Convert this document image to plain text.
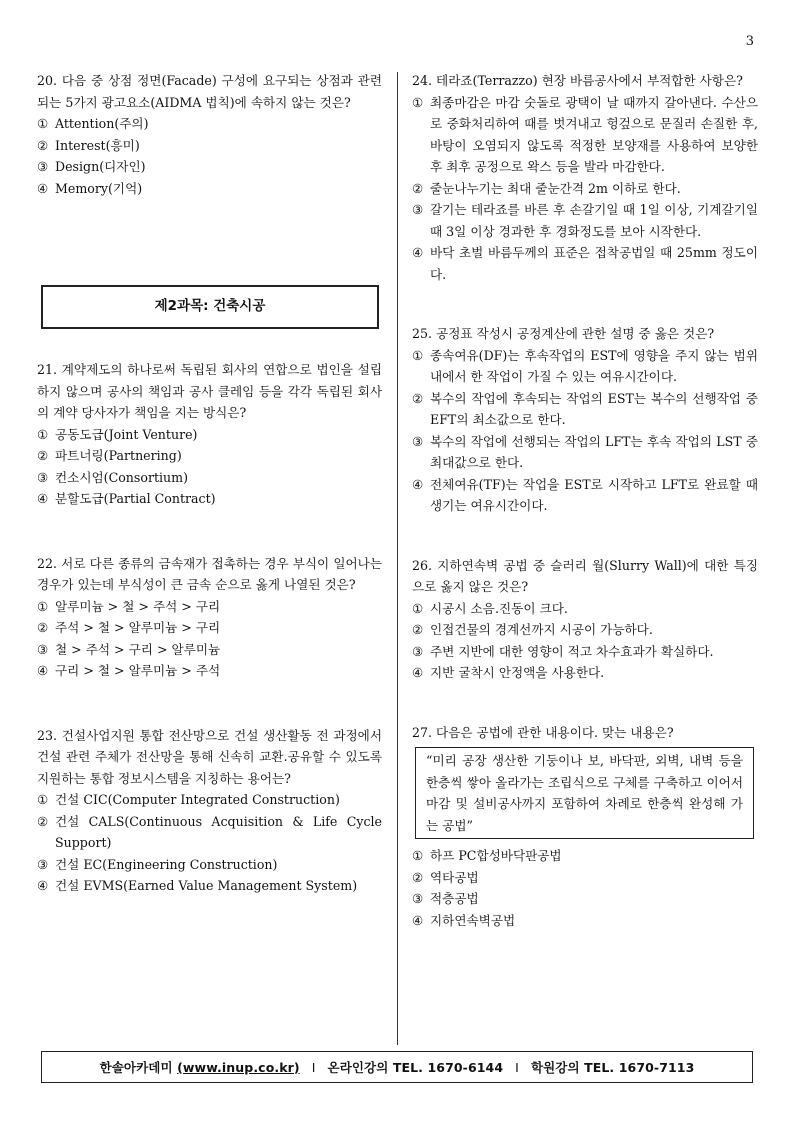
3

20. 다음 중 상점 정면(Facade) 구성에 요구되는 상점과 관련되는 5가지 광고요소(AIDMA 법칙)에 속하지 않는 것은?

① Attention(주의)

② Interest(흥미)

③ Design(디자인)

④ Memory(기억)

제2과목: 건축시공

21. 계약제도의 하나로써 독립된 회사의 연합으로 법인을 설립하지 않으며 공사의 책임과 공사 클레임 등을 각각 독립된 회사의 계약 당사자가 책임을 지는 방식은?

① 공동도급(Joint Venture)

② 파트너링(Partnering)

③ 컨소시엄(Consortium)

④ 분할도급(Partial Contract)

22. 서로 다른 종류의 금속재가 접촉하는 경우 부식이 일어나는 경우가 있는데 부식성이 큰 금속 순으로 옳게 나열된 것은?

① 알루미늄 > 철 > 주석 > 구리

② 주석 > 철 > 알루미늄 > 구리

③ 철 > 주석 > 구리 > 알루미늄

④ 구리 > 철 > 알루미늄 > 주석

23. 건설사업지원 통합 전산망으로 건설 생산활동 전 과정에서 건설 관련 주체가 전산망을 통해 신속히 교환․공유할 수 있도록 지원하는 통합 정보시스템을 지칭하는 용어는?

① 건설 CIC(Computer Integrated Construction)

② 건설 CALS(Continuous Acquisition & Life Cycle Support)

③ 건설 EC(Engineering Construction)

④ 건설 EVMS(Earned Value Management System)

24. 테라죠(Terrazzo) 현장 바름공사에서 부적합한 사항은?

① 최종마감은 마감 숫돌로 광택이 날 때까지 갈아낸다. 수산으로 중화처리하여 때를 벗겨내고 헝겊으로 문질러 손질한 후, 바탕이 오염되지 않도록 적정한 보양재를 사용하여 보양한 후 최후 공정으로 왁스 등을 발라 마감한다.

② 줄눈나누기는 최대 줄눈간격 2m 이하로 한다.

③ 갈기는 테라죠를 바른 후 손갈기일 때 1일 이상, 기계갈기일 때 3일 이상 경과한 후 경화정도를 보아 시작한다.

④ 바닥 초벌 바름두께의 표준은 접착공법일 때 25mm 정도이다.

25. 공정표 작성시 공정계산에 관한 설명 중 옳은 것은?

① 종속여유(DF)는 후속작업의 EST에 영향을 주지 않는 범위 내에서 한 작업이 가질 수 있는 여유시간이다.

② 복수의 작업에 후속되는 작업의 EST는 복수의 선행작업 중 EFT의 최소값으로 한다.

③ 복수의 작업에 선행되는 작업의 LFT는 후속 작업의 LST 중 최대값으로 한다.

④ 전체여유(TF)는 작업을 EST로 시작하고 LFT로 완료할 때 생기는 여유시간이다.

26. 지하연속벽 공법 중 슬러리 월(Slurry Wall)에 대한 특징으로 옳지 않은 것은?

① 시공시 소음․진동이 크다.

② 인접건물의 경계선까지 시공이 가능하다.

③ 주변 지반에 대한 영향이 적고 차수효과가 확실하다.

④ 지반 굴착시 안정액을 사용한다.

27. 다음은 공법에 관한 내용이다. 맞는 내용은?

“미리 공장 생산한 기둥이나 보, 바닥판, 외벽, 내벽 등을 한층씩 쌓아 올라가는 조립식으로 구체를 구축하고 이어서 마감 및 설비공사까지 포함하여 차례로 한층씩 완성해 가는 공법”

① 하프 PC합성바닥판공법

② 역타공법

③ 적층공법

④ 지하연속벽공법

한솔아카데미
(www.inup.co.kr) I 온라인강의 TEL. 1670-6144 I 학원강의 TEL. 1670-7113
